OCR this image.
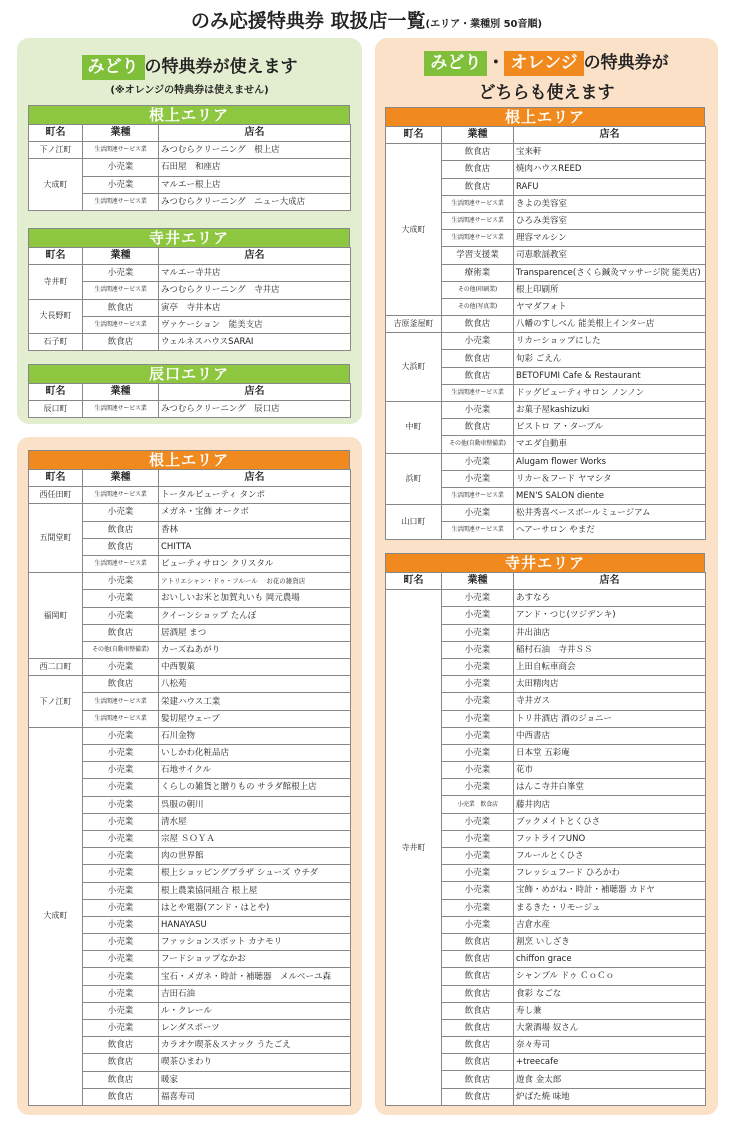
のみ応援特典券 取扱店一覧(エリア・業種別 50音順)
みどり の特典券が使えます
(※オレンジの特典券は使えません)
みどり ・ オレンジ の特典券が
どちらも使えます
根上エリア
町名	業種	店名
下ノ江町	生活関連サービス業	みつむらクリーニング　根上店
大成町	小売業	石田屋　和座店
	小売業	マルエー根上店
	生活関連サービス業	みつむらクリーニング　ニュー大成店
寺井エリア
町名	業種	店名
寺井町	小売業	マルエー寺井店
	生活関連サービス業	みつむらクリーニング　寺井店
大長野町	飲食店	寅亭　寺井本店
	生活関連サービス業	ヴァケーション　能美支店
石子町	飲食店	ウェルネスハウスSARAI
辰口エリア
町名	業種	店名
辰口町	生活関連サービス業	みつむらクリーニング　辰口店
根上エリア
町名	業種	店名
西任田町	生活関連サービス業	トータルビューティ タンポ
五間堂町	小売業	メガネ・宝飾 オークボ
	飲食店	香林
	飲食店	CHITTA
	生活関連サービス業	ビューティサロン クリスタル
福岡町	小売業	アトリエシャン・ドゥ・フルール　 お花の雑貨店
	小売業	おいしいお米と加賀丸いも 岡元農場
	小売業	クイーンショップ たんぼ
	飲食店	居酒屋 まつ
	その他(自動車整備業)	カーズねあがり
西二口町	小売業	中西製菓
下ノ江町	飲食店	八松苑
	生活関連サービス業	栄建ハウス工業
	生活関連サービス業	髪切屋ウェーブ
大成町	小売業	石川金物
	小売業	いしかわ化粧品店
	小売業	石地サイクル
	小売業	くらしの雑貨と贈りもの サラダ館根上店
	小売業	呉服の朝川
	小売業	清水屋
	小売業	宗屋 ＳＯＹＡ
	小売業	肉の世界館
	小売業	根上ショッピングプラザ シューズ ウチダ
	小売業	根上農業協同組合 根上屋
	小売業	はとや電器(アンド・はとや)
	小売業	HANAYASU
	小売業	ファッションスポット カナモリ
	小売業	フードショップなかお
	小売業	宝石・メガネ・時計・補聴器　メルベーユ森
	小売業	吉田石油
	小売業	ル・クレール
	小売業	レンダスポーツ
	飲食店	カラオケ喫茶＆スナック うたごえ
	飲食店	喫茶ひまわり
	飲食店	暖家
	飲食店	福喜寿司
根上エリア
町名	業種	店名
大成町	飲食店	宝来軒
	飲食店	焼肉ハウスREED
	飲食店	RAFU
	生活関連サービス業	きよの美容室
	生活関連サービス業	ひろみ美容室
	生活関連サービス業	理容マルシン
	学習支援業	司恵歌謡教室
	療術業	Transparence(さくら鍼灸マッサージ院 能美店)
	その他(印刷業)	根上印刷所
	その他(写真業)	ヤマダフォト
吉原釜屋町	飲食店	八幡のすしべん 能美根上インター店
大浜町	小売業	リカーショップにした
	飲食店	旬彩 ごえん
	飲食店	BETOFUMI Cafe & Restaurant
	生活関連サービス業	ドッグビューティサロン ノンノン
中町	小売業	お菓子屋kashizuki
	飲食店	ビストロ ア・ターブル
	その他(自動車整備業)	マエダ自動車
浜町	小売業	Alugam flower Works
	小売業	リカー＆フード ヤマシタ
	生活関連サービス業	MEN'S SALON diente
山口町	小売業	松井秀喜ベースボールミュージアム
	生活関連サービス業	ヘアーサロン やまだ
寺井エリア
町名	業種	店名
寺井町	小売業	あすなろ
	小売業	アンド・つじ(ツジデンキ)
	小売業	井出油店
	小売業	稲村石油　寺井ＳＳ
	小売業	上田自転車商会
	小売業	太田精肉店
	小売業	寺井ガス
	小売業	トリ井酒店 酒のジョニー
	小売業	中西書店
	小売業	日本堂 五彩庵
	小売業	花市
	小売業	はんこ寺井白峯堂
	小売業　飲食店	藤井肉店
	小売業	ブックメイトとくひさ
	小売業	フットライフUNO
	小売業	フルールとくひさ
	小売業	フレッシュフード ひろかわ
	小売業	宝飾・めがね・時計・補聴器 カドヤ
	小売業	まるきた・リモージュ
	小売業	吉倉水産
	飲食店	割烹 いしざき
	飲食店	chiffon grace
	飲食店	シャンブル ドゥ ＣｏＣｏ
	飲食店	食彩 なごな
	飲食店	寿し兼
	飲食店	大衆酒場 奴さん
	飲食店	奈々寿司
	飲食店	+treecafe
	飲食店	遊食 金太郎
	飲食店	炉ばた焼 味地
